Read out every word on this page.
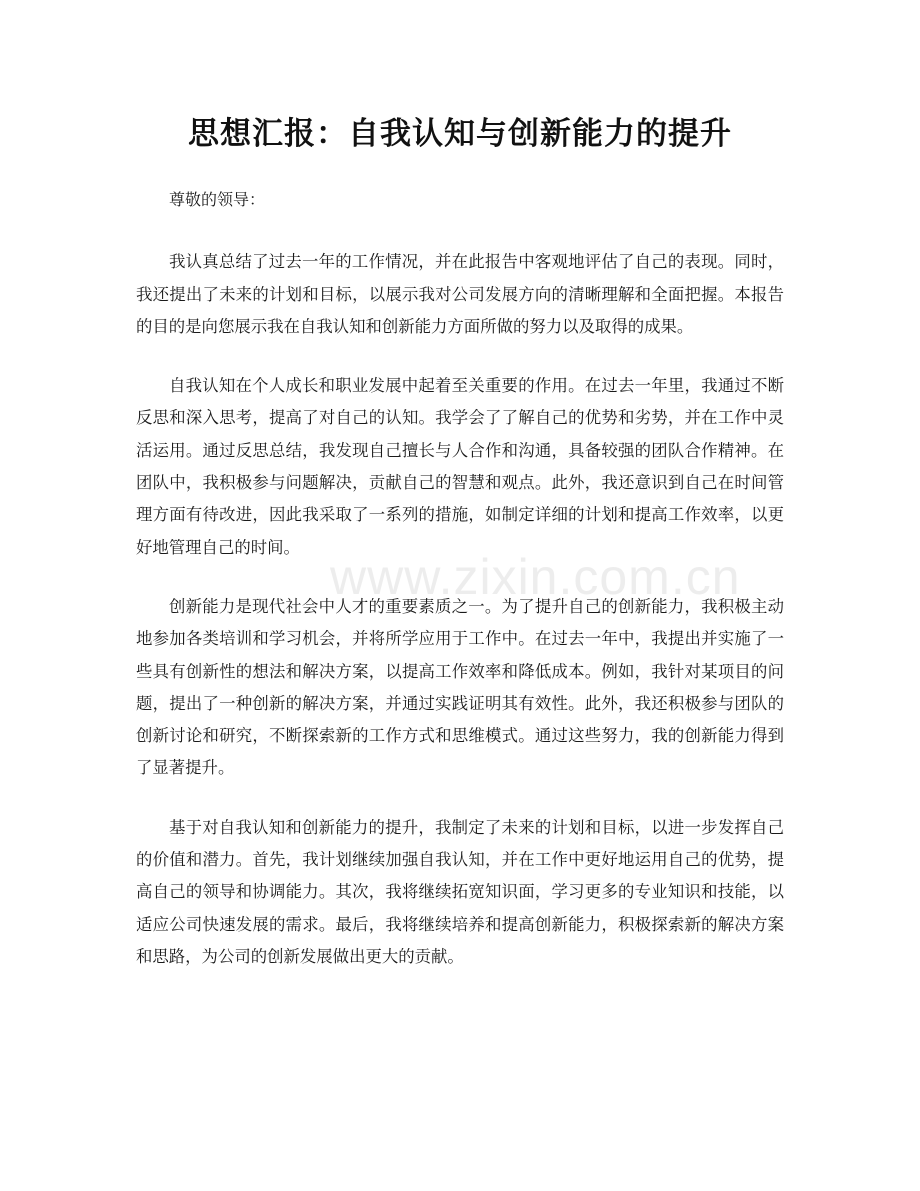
思想汇报：自我认知与创新能力的提升

尊敬的领导：

我认真总结了过去一年的工作情况，并在此报告中客观地评估了自己的表现。同时，我还提出了未来的计划和目标，以展示我对公司发展方向的清晰理解和全面把握。本报告的目的是向您展示我在自我认知和创新能力方面所做的努力以及取得的成果。

自我认知在个人成长和职业发展中起着至关重要的作用。在过去一年里，我通过不断反思和深入思考，提高了对自己的认知。我学会了了解自己的优势和劣势，并在工作中灵活运用。通过反思总结，我发现自己擅长与人合作和沟通，具备较强的团队合作精神。在团队中，我积极参与问题解决，贡献自己的智慧和观点。此外，我还意识到自己在时间管理方面有待改进，因此我采取了一系列的措施，如制定详细的计划和提高工作效率，以更好地管理自己的时间。

创新能力是现代社会中人才的重要素质之一。为了提升自己的创新能力，我积极主动地参加各类培训和学习机会，并将所学应用于工作中。在过去一年中，我提出并实施了一些具有创新性的想法和解决方案，以提高工作效率和降低成本。例如，我针对某项目的问题，提出了一种创新的解决方案，并通过实践证明其有效性。此外，我还积极参与团队的创新讨论和研究，不断探索新的工作方式和思维模式。通过这些努力，我的创新能力得到了显著提升。

基于对自我认知和创新能力的提升，我制定了未来的计划和目标，以进一步发挥自己的价值和潜力。首先，我计划继续加强自我认知，并在工作中更好地运用自己的优势，提高自己的领导和协调能力。其次，我将继续拓宽知识面，学习更多的专业知识和技能，以适应公司快速发展的需求。最后，我将继续培养和提高创新能力，积极探索新的解决方案和思路，为公司的创新发展做出更大的贡献。

www.zixin.com.cn
